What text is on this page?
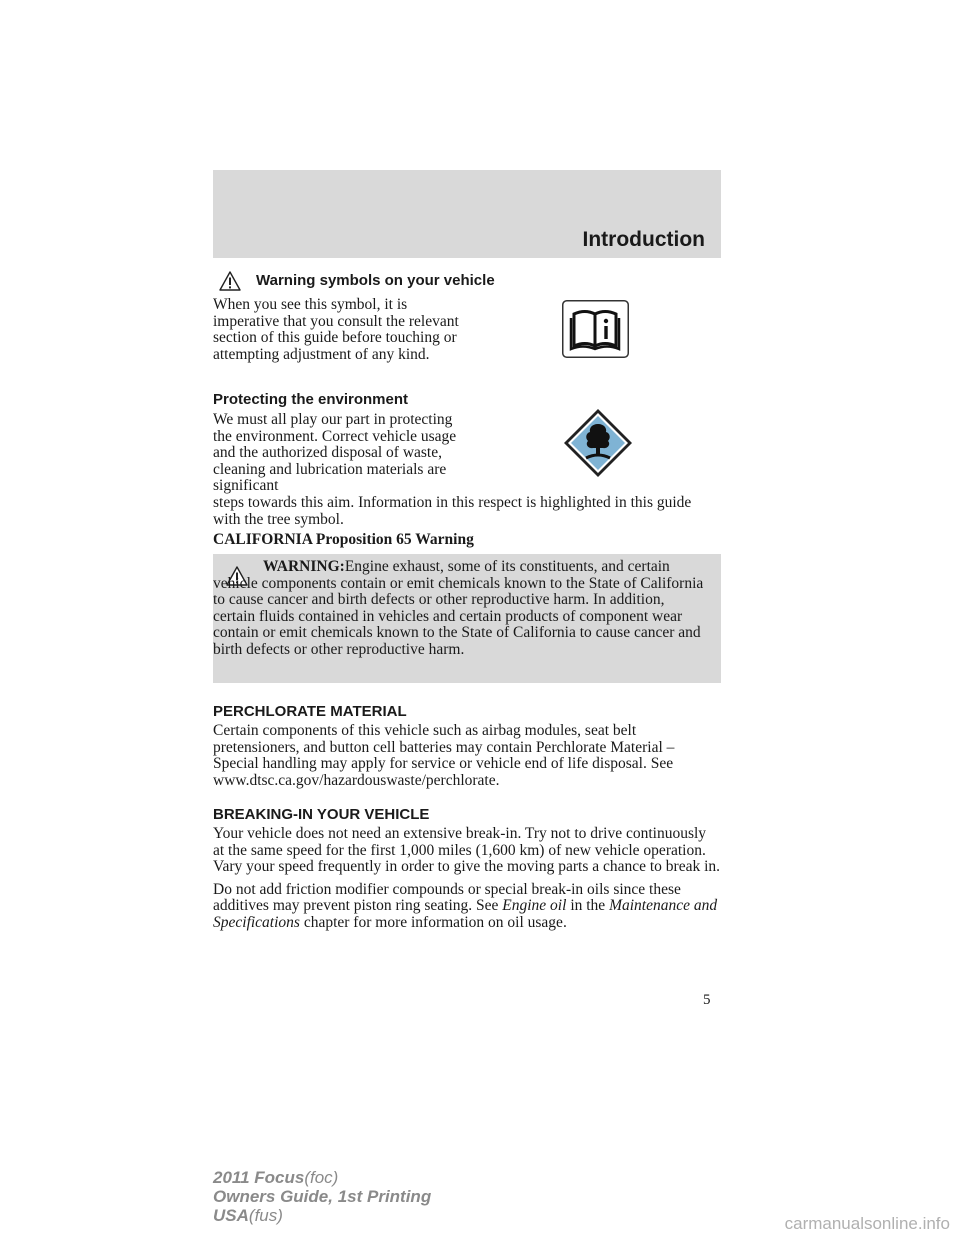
Introduction
Warning symbols on your vehicle

When you see this symbol, it is imperative that you consult the relevant section of this guide before touching or attempting adjustment of any kind.

Protecting the environment

We must all play our part in protecting the environment. Correct vehicle usage and the authorized disposal of waste, cleaning and lubrication materials are significant

steps towards this aim. Information in this respect is highlighted in this guide with the tree symbol.

CALIFORNIA Proposition 65 Warning

WARNING:Engine exhaust, some of its constituents, and certain vehicle components contain or emit chemicals known to the State of California to cause cancer and birth defects or other reproductive harm. In addition, certain fluids contained in vehicles and certain products of component wear contain or emit chemicals known to the State of California to cause cancer and birth defects or other reproductive harm.

PERCHLORATE MATERIAL

Certain components of this vehicle such as airbag modules, seat belt pretensioners, and button cell batteries may contain Perchlorate Material – Special handling may apply for service or vehicle end of life disposal. See www.dtsc.ca.gov/hazardouswaste/perchlorate.

BREAKING-IN YOUR VEHICLE

Your vehicle does not need an extensive break-in. Try not to drive continuously at the same speed for the first 1,000 miles (1,600 km) of new vehicle operation. Vary your speed frequently in order to give the moving parts a chance to break in.

Do not add friction modifier compounds or special break-in oils since these additives may prevent piston ring seating. See Engine oil in the Maintenance and Specifications chapter for more information on oil usage.

5
2011 Focus(foc)
Owners Guide, 1st Printing
USA(fus)	carmanualsonline.info
